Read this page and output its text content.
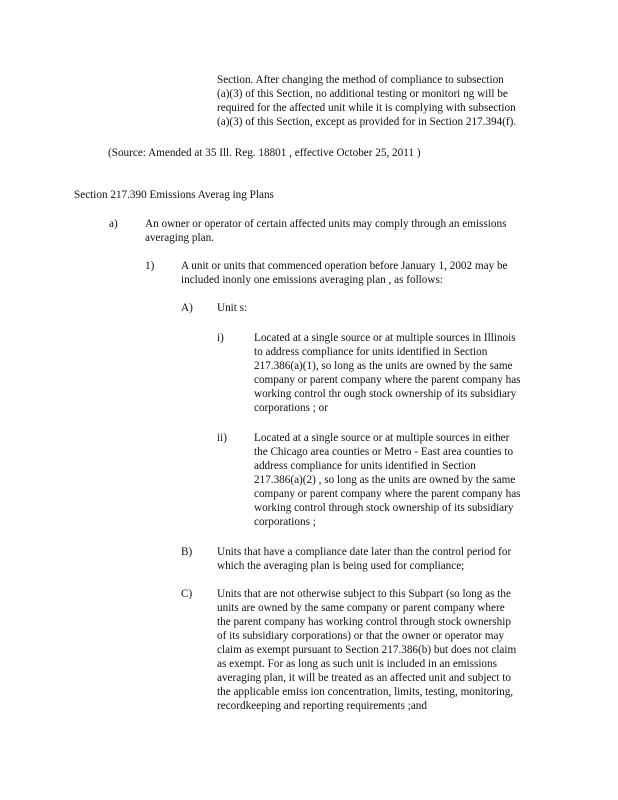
Section. After changing the method of compliance to subsection
(a)(3) of this Section, no additional testing or monitori ng will be
required for the affected unit while it is complying with subsection
(a)(3) of this Section, except as provided for in Section 217.394(f).
(Source: Amended at 35 Ill. Reg. 18801 , effective October 25, 2011 )
Section 217.390 Emissions Averag ing Plans
a) An owner or operator of certain affected units may comply through an emissions
averaging plan.
1) A unit or units that commenced operation before January 1, 2002 may be
included inonly one emissions averaging plan , as follows:
A) Unit s:
i)	Located at a single source or at multiple sources in Illinois
to address compliance for units identified in Section
217.386(a)(1), so long as the units are owned by the same
company or parent company where the parent company has
working control thr ough stock ownership of its subsidiary
corporations ; or
ii) Located at a single source or at multiple sources in either
the Chicago area counties or Metro - East area counties to
address compliance for units identified in Section
217.386(a)(2) , so long as the units are owned by the same
company or parent company where the parent company has
working control through stock ownership of its subsidiary
corporations ;
B) Units that have a compliance date later than the control period for
which the averaging plan is being used for compliance;
C) Units that are not otherwise subject to this Subpart (so long as the
units are owned by the same company or parent company where
the parent company has working control through stock ownership
of its subsidiary corporations) or that the owner or operator may
claim as exempt pursuant to Section 217.386(b) but does not claim
as exempt. For as long as such unit is included in an emissions
averaging plan, it will be treated as an affected unit and subject to
the applicable emiss ion concentration, limits, testing, monitoring,
recordkeeping and reporting requirements ;and
